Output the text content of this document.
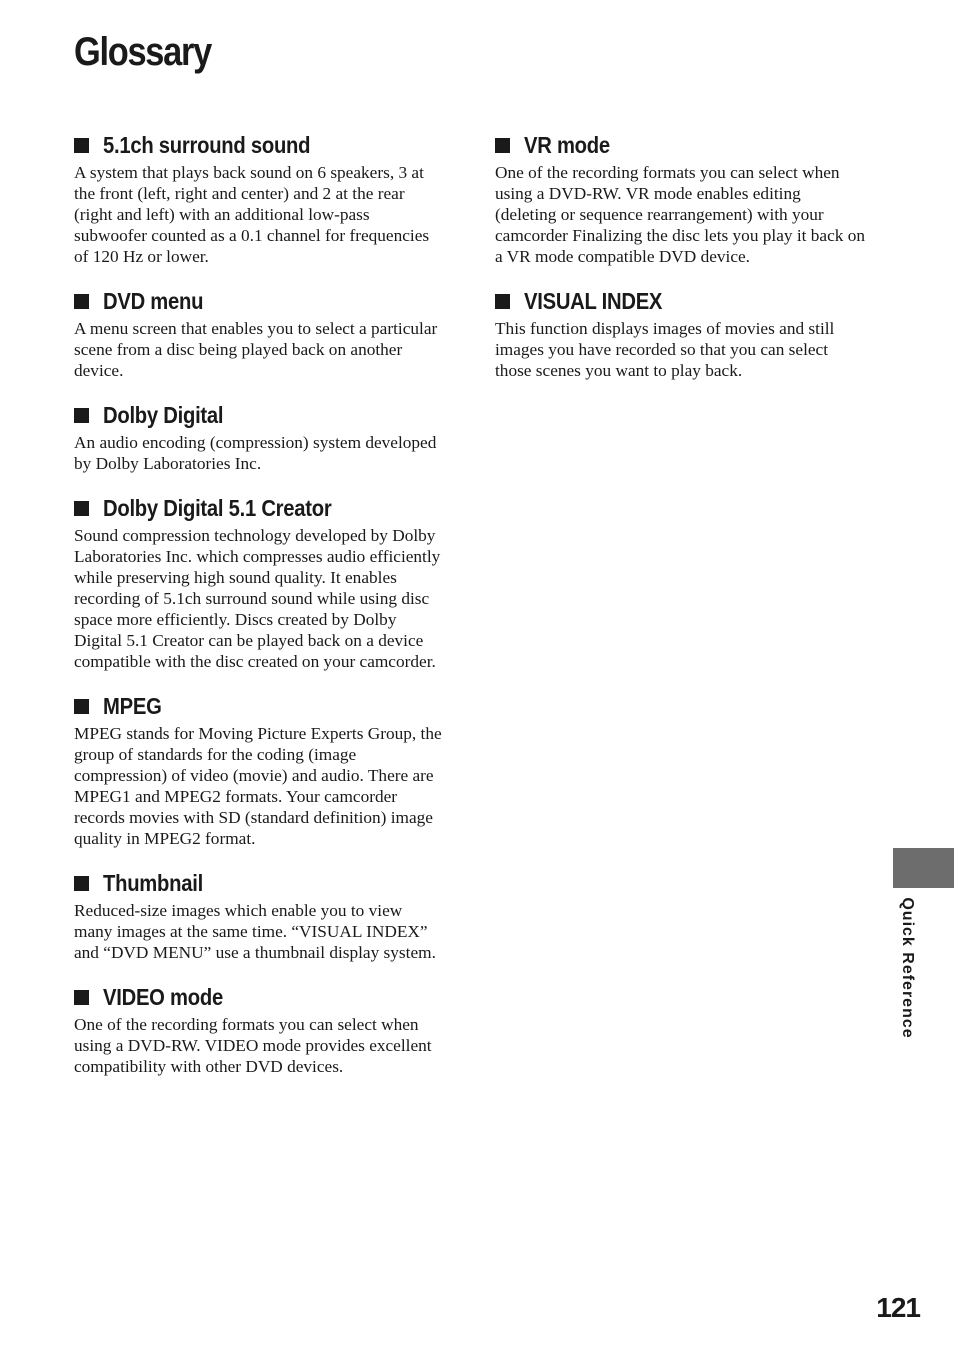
Glossary
5.1ch surround sound

A system that plays back sound on 6 speakers, 3 at the front (left, right and center) and 2 at the rear (right and left) with an additional low-pass subwoofer counted as a 0.1 channel for frequencies of 120 Hz or lower.

DVD menu

A menu screen that enables you to select a particular scene from a disc being played back on another device.

Dolby Digital

An audio encoding (compression) system developed by Dolby Laboratories Inc.

Dolby Digital 5.1 Creator

Sound compression technology developed by Dolby Laboratories Inc. which compresses audio efficiently while preserving high sound quality. It enables recording of 5.1ch surround sound while using disc space more efficiently. Discs created by Dolby Digital 5.1 Creator can be played back on a device compatible with the disc created on your camcorder.

MPEG

MPEG stands for Moving Picture Experts Group, the group of standards for the coding (image compression) of video (movie) and audio. There are MPEG1 and MPEG2 formats. Your camcorder records movies with SD (standard definition) image quality in MPEG2 format.

Thumbnail

Reduced-size images which enable you to view many images at the same time. “VISUAL INDEX” and “DVD MENU” use a thumbnail display system.

VIDEO mode

One of the recording formats you can select when using a DVD-RW. VIDEO mode provides excellent compatibility with other DVD devices.

VR mode

One of the recording formats you can select when using a DVD-RW. VR mode enables editing (deleting or sequence rearrangement) with your camcorder Finalizing the disc lets you play it back on a VR mode compatible DVD device.

VISUAL INDEX

This function displays images of movies and still images you have recorded so that you can select those scenes you want to play back.

Quick Reference
121
